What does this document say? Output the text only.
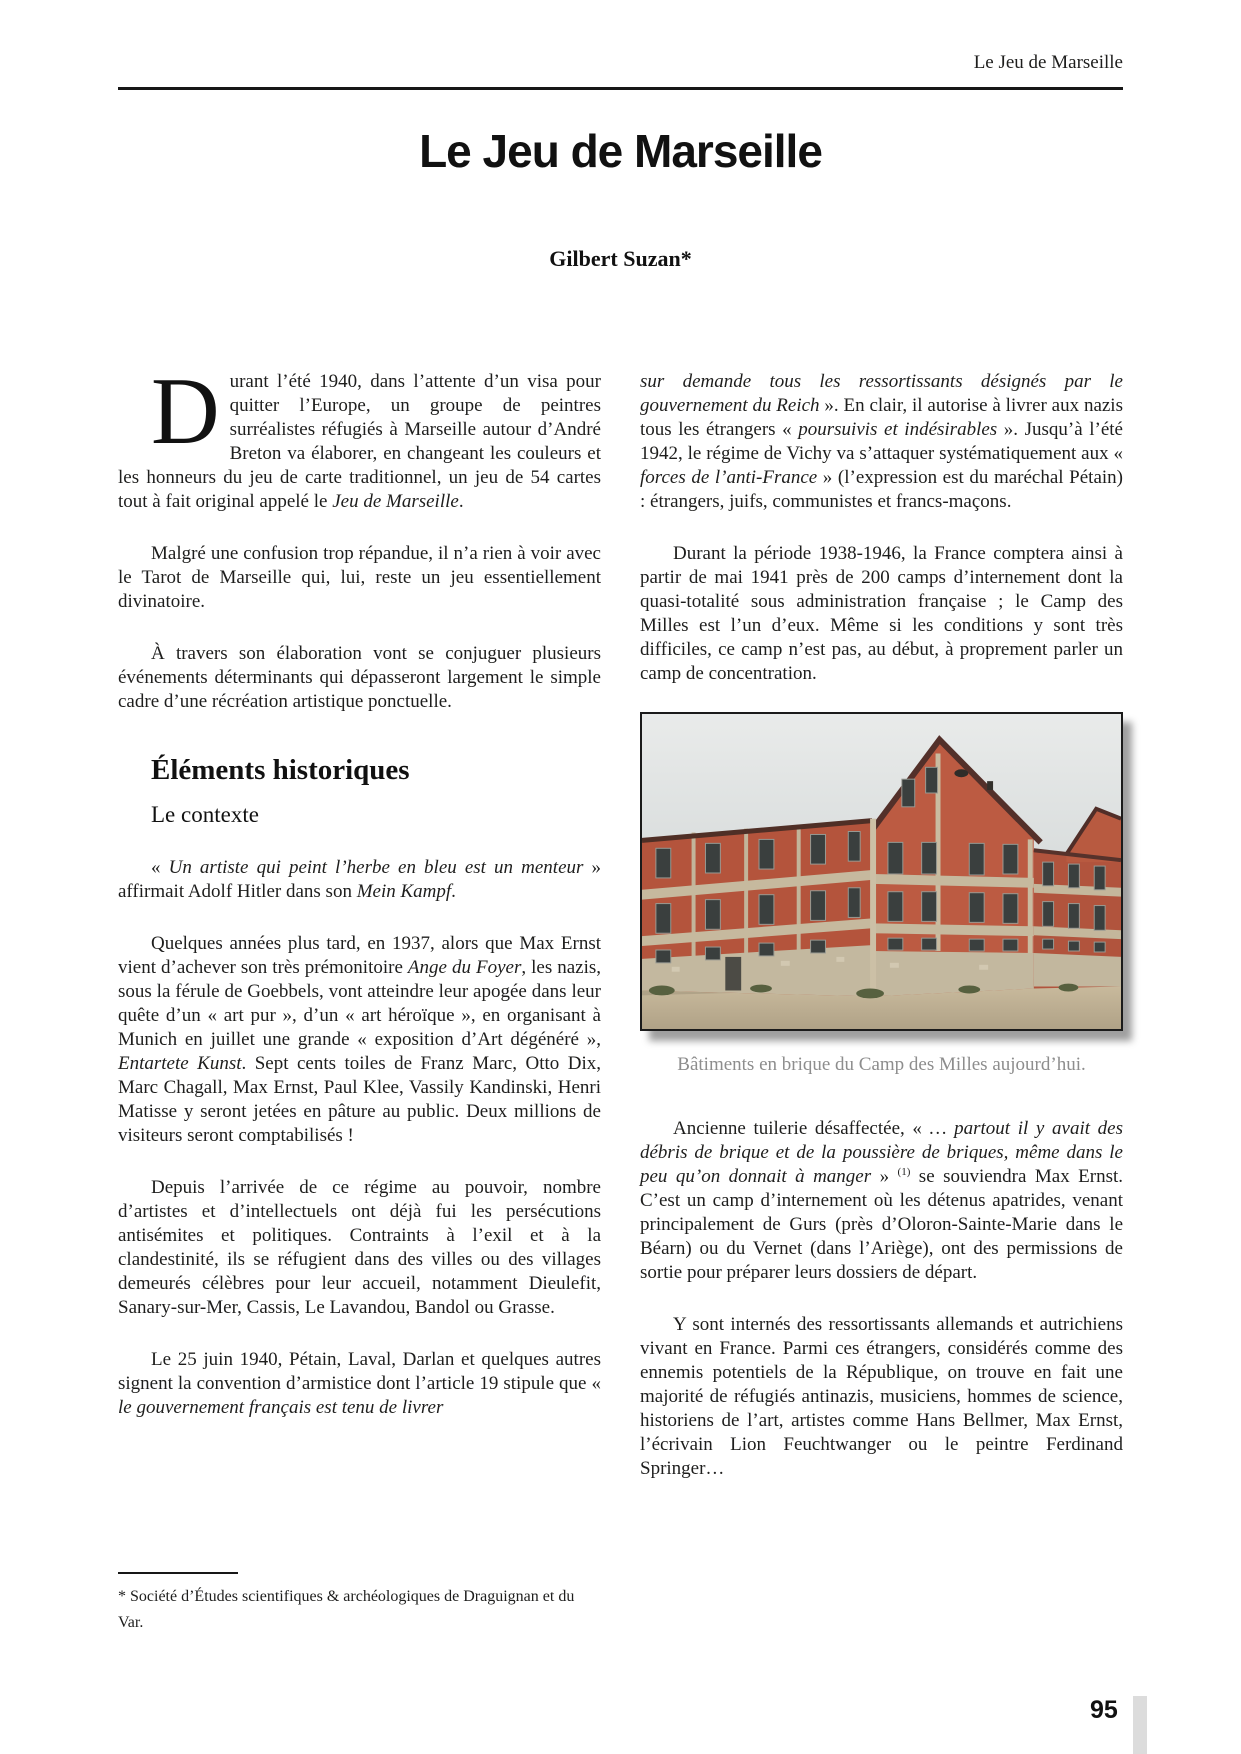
Le Jeu de Marseille
Le Jeu de Marseille
Gilbert Suzan*

Durant l’été 1940, dans l’attente d’un visa pour quitter l’Europe, un groupe de peintres surréalistes réfugiés à Marseille autour d’André Breton va élaborer, en changeant les couleurs et les honneurs du jeu de carte traditionnel, un jeu de 54 cartes tout à fait original appelé le Jeu de Marseille.

Malgré une confusion trop répandue, il n’a rien à voir avec le Tarot de Marseille qui, lui, reste un jeu essentiellement divinatoire.

À travers son élaboration vont se conjuguer plusieurs événements déterminants qui dépasseront largement le simple cadre d’une récréation artistique ponctuelle.

Éléments historiques
Le contexte

« Un artiste qui peint l’herbe en bleu est un menteur » affirmait Adolf Hitler dans son Mein Kampf.

Quelques années plus tard, en 1937, alors que Max Ernst vient d’achever son très prémonitoire Ange du Foyer, les nazis, sous la férule de Goebbels, vont atteindre leur apogée dans leur quête d’un « art pur », d’un « art héroïque », en organisant à Munich en juillet une grande « exposition d’Art dégénéré », Entartete Kunst. Sept cents toiles de Franz Marc, Otto Dix, Marc Chagall, Max Ernst, Paul Klee, Vassily Kandinski, Henri Matisse y seront jetées en pâture au public. Deux millions de visiteurs seront comptabilisés !

Depuis l’arrivée de ce régime au pouvoir, nombre d’artistes et d’intellectuels ont déjà fui les persécutions antisémites et politiques. Contraints à l’exil et à la clandestinité, ils se réfugient dans des villes ou des villages demeurés célèbres pour leur accueil, notamment Dieulefit, Sanary-sur-Mer, Cassis, Le Lavandou, Bandol ou Grasse.

Le 25 juin 1940, Pétain, Laval, Darlan et quelques autres signent la convention d’armistice dont l’article 19 stipule que « le gouvernement français est tenu de livrer

* Société d’Études scientifiques & archéologiques de Draguignan et du Var.

sur demande tous les ressortissants désignés par le gouvernement du Reich ». En clair, il autorise à livrer aux nazis tous les étrangers « poursuivis et indésirables ». Jusqu’à l’été 1942, le régime de Vichy va s’attaquer systématiquement aux « forces de l’anti-France » (l’expression est du maréchal Pétain) : étrangers, juifs, communistes et francs-maçons.

Durant la période 1938-1946, la France comptera ainsi à partir de mai 1941 près de 200 camps d’internement dont la quasi-totalité sous administration française ; le Camp des Milles est l’un d’eux. Même si les conditions y sont très difficiles, ce camp n’est pas, au début, à proprement parler un camp de concentration.

Bâtiments en brique du Camp des Milles aujourd’hui.

Ancienne tuilerie désaffectée, « … partout il y avait des débris de brique et de la poussière de briques, même dans le peu qu’on donnait à manger » $^{(1)}$ se souviendra Max Ernst. C’est un camp d’internement où les détenus apatrides, venant principalement de Gurs (près d’Oloron-Sainte-Marie dans le Béarn) ou du Vernet (dans l’Ariège), ont des permissions de sortie pour préparer leurs dossiers de départ.

Y sont internés des ressortissants allemands et autrichiens vivant en France. Parmi ces étrangers, considérés comme des ennemis potentiels de la République, on trouve en fait une majorité de réfugiés antinazis, musiciens, hommes de science, historiens de l’art, artistes comme Hans Bellmer, Max Ernst, l’écrivain Lion Feuchtwanger ou le peintre Ferdinand Springer…

95
